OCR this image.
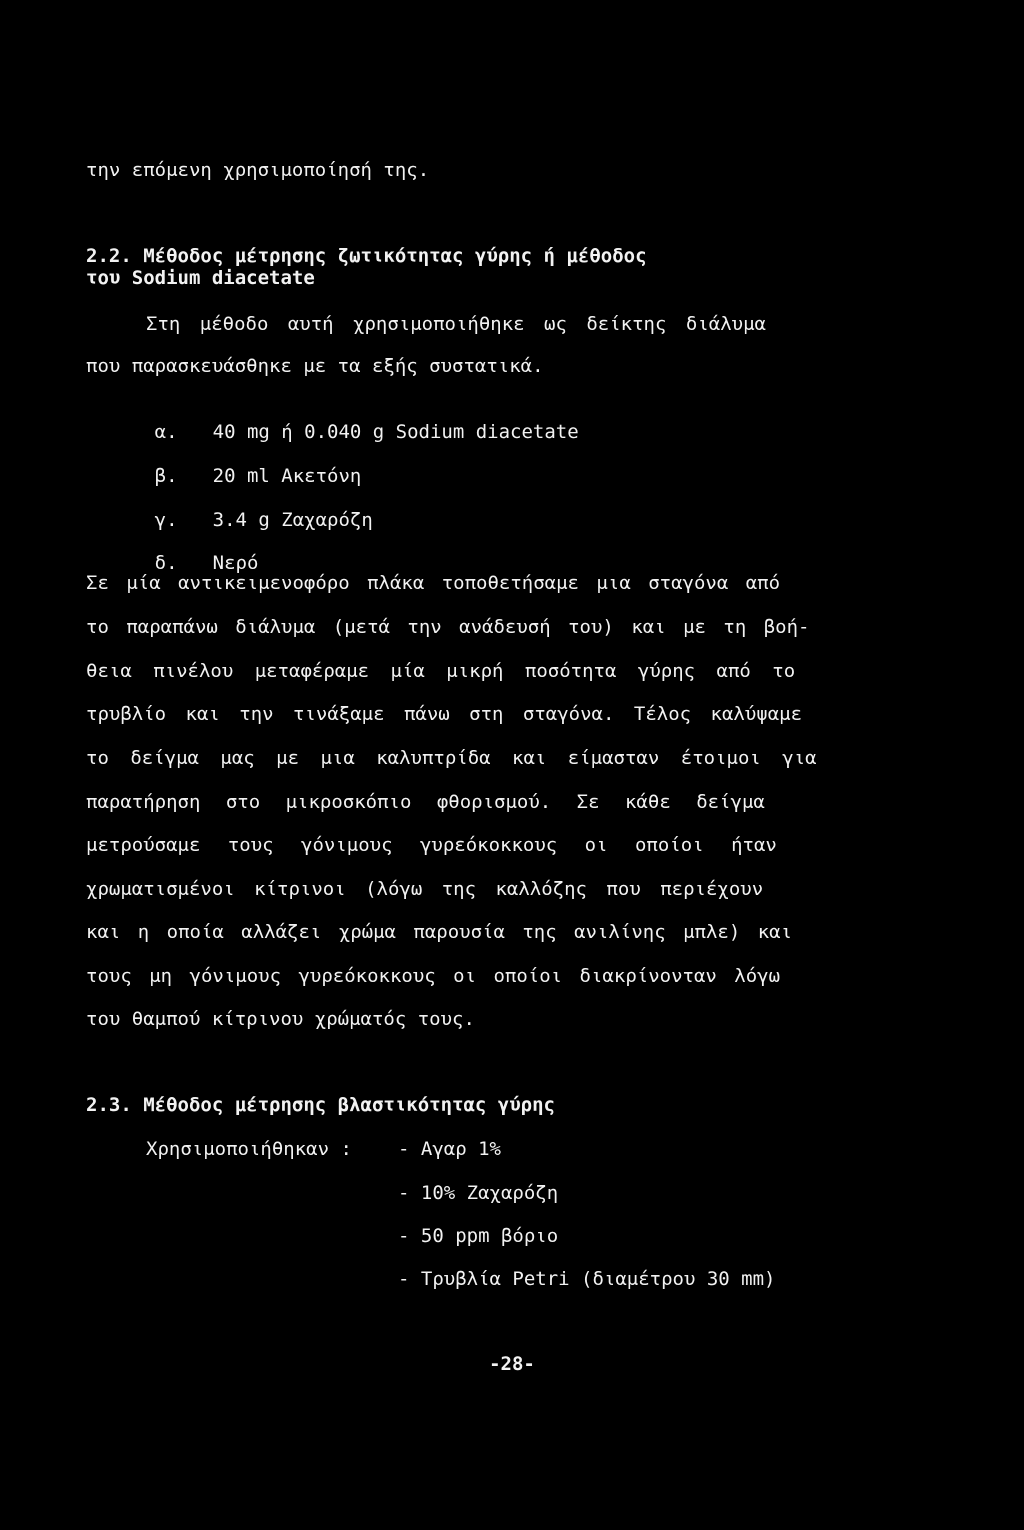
την επόμενη χρησιμοποίησή της.
2.2. Μέθοδος μέτρησης ζωτικότητας γύρης ή μέθοδος
του Sodium diacetate
Στη μέθοδο αυτή χρησιμοποιήθηκε ως δείκτης διάλυμα
που παρασκευάσθηκε με τα εξής συστατικά.

α. 40 mg ή 0.040 g Sodium diacetate

β. 20 ml Ακετόνη

γ. 3.4 g Ζαχαρόζη

δ. Νερό

Σε μία αντικειμενοφόρο πλάκα τοποθετήσαμε μια σταγόνα από
το παραπάνω διάλυμα (μετά την ανάδευσή του) και με τη βοή-
θεια πινέλου μεταφέραμε μία μικρή ποσότητα γύρης από το
τρυβλίο και την τινάξαμε πάνω στη σταγόνα. Τέλος καλύψαμε
το δείγμα μας με μια καλυπτρίδα και είμασταν έτοιμοι για
παρατήρηση στο μικροσκόπιο φθορισμού. Σε κάθε δείγμα
μετρούσαμε τους γόνιμους γυρεόκοκκους οι οποίοι ήταν
χρωματισμένοι κίτρινοι (λόγω της καλλόζης που περιέχουν
και η οποία αλλάζει χρώμα παρουσία της ανιλίνης μπλε) και
τους μη γόνιμους γυρεόκοκκους οι οποίοι διακρίνονταν λόγω
του θαμπού κίτρινου χρώματός τους.
2.3. Μέθοδος μέτρησης βλαστικότητας γύρης
Χρησιμοποιήθηκαν : - Αγαρ 1%
- 10% Ζαχαρόζη
- 50 ppm βόριο
- Τρυβλία Petri (διαμέτρου 30 mm)
-28-
